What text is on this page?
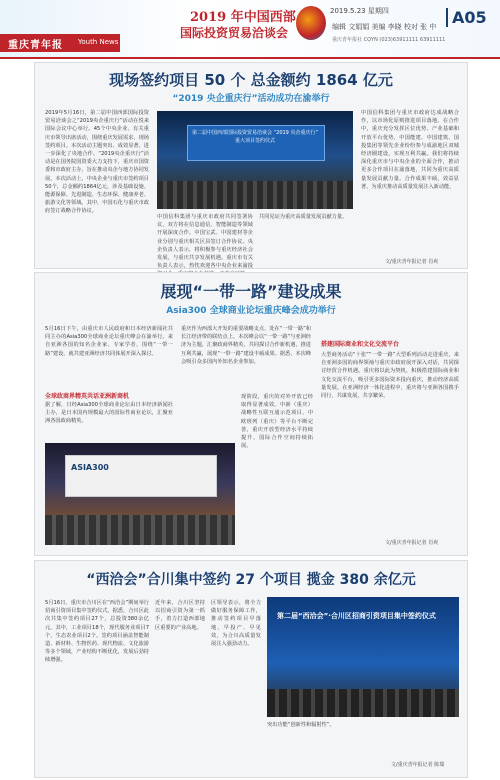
重庆青年报 Youth News
2019 年中国西部
国际投资贸易洽谈会
2019.5.23 星期四
编辑 文娟娟 美编 李晓 校对 张 中 A05
重庆青年报社 CQYN (023)63911111 63911111
现场签约项目 50 个 总金额约 1864 亿元
“2019 央企重庆行”活动成功在渝举行
2019年5月16日，第二届中国西部国际投资贸易洽谈会之“2019央企重庆行”活动在悦来国际会议中心举行。45个中央企业、有关重庆市领导出席活动，围绕重庆发展需求，现场签约项目。本次活动主题突出、成效显著，进一步深化了央地合作。“2019央企重庆行”活动是在国务院国资委大力支持下，重庆市国资委和市政府主办，旨在推动央企与地方协同发展。本次活动上，中央企业与重庆市签约项目50个，总金额约1864亿元，涉及基础设施、能源保障、先进制造、生态环保、健康养老、旅游文化等领域。其中，中国石化与重庆市政府签订战略合作协议。
第二届中国西部国际投资贸易洽谈会 “2019 央企重庆行” 重大项目签约仪式
中国信科集团与重庆市政府共同签署协议，双方将在信息通信、智能制造等领域开展深度合作。中国宝武、中国建材等企业分别与重庆相关区县签订合作协议。央企负责人表示，将积极参与重庆经济社会发展，与重庆共享发展机遇。重庆市有关负责人表示，热忱欢迎各中央企业来渝投
共同见证为重庆高质量发展贡献力量。
中国信科集团与重庆市政府达成战略合作，以市场化原则推进项目落地。在合作中，重庆充分发挥区位优势、产业基础和开放平台优势，中国能建、中国建筑、国投集团等领先企业纷纷参与成渝地区双城经济圈建设，实现互利共赢。我们将持续深化重庆市与中央企业的全面合作，推动更多合作项目在渝落地，共同为重庆高质量发展贡献力量。合作成果丰硕，效益显著，为重庆推动高质量发展注入新动能。
文/重庆青年报记者 肖爽
展现“一带一路”建设成果
Asia300 全球商业论坛重庆峰会成功举行
5月16日下午，由重庆市人民政府和日本经济新闻社共同主办的Asia300全球商业论坛重庆峰会在渝举行。来自亚洲各国的知名企业家、专家学者，围绕“一带一路”建设，就共建亚洲经济共同体展开深入探讨。
全球政商界精英共话亚洲新商机
据了解，日经Asia300全球商业论坛由日本经济新闻社主办，是日本国内规模最大的国际性商业论坛，汇聚亚洲各国政商精英。
重庆作为西部大开发的重要战略支点，处在“一带一路”和长江经济带的联结点上。本次峰会以“一带一路”与亚洲经济为主题，汇聚政商界精英，共同探讨合作新机遇，推进互利共赢，展现“一带一路”建设丰硕成果。据悉，本次峰会吸引众多国内外知名企业参加。
ASIA300
现阶段，重庆的对外开放已经取得显著成效。中新（重庆）战略性互联互通示范项目、中欧班列（重庆）等平台不断完善，重庆开放型经济水平持续提升，国际合作空间持续拓展。
搭建国际商业和文化交流平台
大型商务活动“十张”“一带一路”大型系列活动走进重庆，来自亚洲多国的商界领袖与重庆市政府展开深入对话，共同探讨经贸合作机遇。重庆将以此为契机，积极搭建国际商业和文化交流平台，吸引更多国际资本投向重庆，推动经济高质量发展。在亚洲经济一体化进程中，重庆将与亚洲各国携手同行，共谋发展，共享繁荣。
文/重庆青年报记者 肖爽
“西洽会”合川集中签约 27 个项目 揽金 380 余亿元
5月16日，重庆市合川区在“西洽会”期间举行招商引资项目集中签约仪式。据悉，合川区此次共集中签约项目27个，总投资380余亿元。其中，工业项目18个，现代服务业项目7个，生态农业项目2个。签约项目涵盖智能制造、新材料、生物医药、现代物流、文化旅游等多个领域，产业结构不断优化，发展后劲持续增强。
近年来，合川区坚持以招商引资为第一抓手，着力打造西部地区重要的产业高地。
区领导表示，将全力做好服务保障工作，推动签约项目早落地、早投产、早见效，为合川高质量发展注入强劲动力。
第二届“西洽会”·合川区招商引资项目集中签约仪式
突出功能“创新性和辐射性”。
文/重庆青年报记者 陈瑞
